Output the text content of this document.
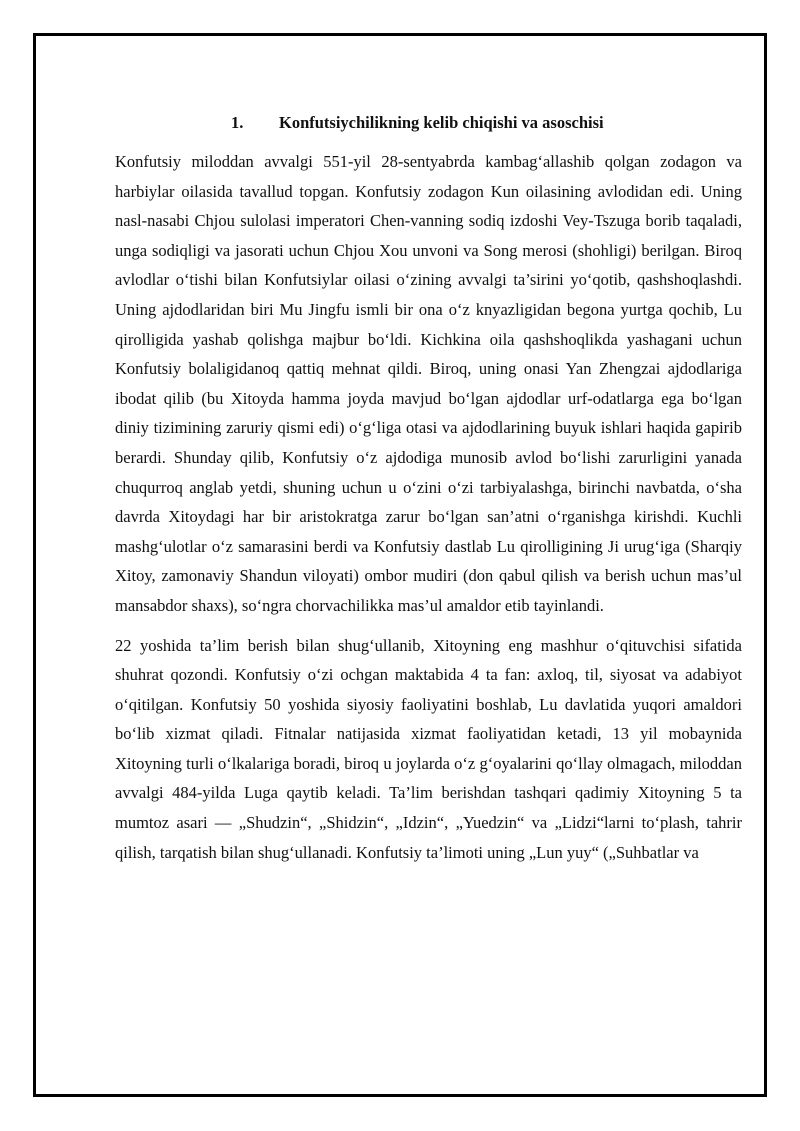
1.	Konfutsiychilikning kelib chiqishi va asoschisi

Konfutsiy miloddan avvalgi 551-yil 28-sentyabrda kambag‘allashib qolgan zodagon va harbiylar oilasida tavallud topgan. Konfutsiy zodagon Kun oilasining avlodidan edi. Uning nasl-nasabi Chjou sulolasi imperatori Chen-vanning sodiq izdoshi Vey-Tszuga borib taqaladi, unga sodiqligi va jasorati uchun Chjou Xou unvoni va Song merosi (shohligi) berilgan. Biroq avlodlar o‘tishi bilan Konfutsiylar oilasi o‘zining avvalgi ta’sirini yo‘qotib, qashshoqlashdi. Uning ajdodlaridan biri Mu Jingfu ismli bir ona o‘z knyazligidan begona yurtga qochib, Lu qirolligida yashab qolishga majbur bo‘ldi. Kichkina oila qashshoqlikda yashagani uchun Konfutsiy bolaligidanoq qattiq mehnat qildi. Biroq, uning onasi Yan Zhengzai ajdodlariga ibodat qilib (bu Xitoyda hamma joyda mavjud bo‘lgan ajdodlar urf-odatlarga ega bo‘lgan diniy tizimining zaruriy qismi edi) o‘g‘liga otasi va ajdodlarining buyuk ishlari haqida gapirib berardi. Shunday qilib, Konfutsiy o‘z ajdodiga munosib avlod bo‘lishi zarurligini yanada chuqurroq anglab yetdi, shuning uchun u o‘zini o‘zi tarbiyalashga, birinchi navbatda, o‘sha davrda Xitoydagi har bir aristokratga zarur bo‘lgan san’atni o‘rganishga kirishdi. Kuchli mashg‘ulotlar o‘z samarasini berdi va Konfutsiy dastlab Lu qirolligining Ji urug‘iga (Sharqiy Xitoy, zamonaviy Shandun viloyati) ombor mudiri (don qabul qilish va berish uchun mas’ul mansabdor shaxs), so‘ngra chorvachilikka mas’ul amaldor etib tayinlandi.

22 yoshida ta’lim berish bilan shug‘ullanib, Xitoyning eng mashhur o‘qituvchisi sifatida shuhrat qozondi. Konfutsiy o‘zi ochgan maktabida 4 ta fan: axloq, til, siyosat va adabiyot o‘qitilgan. Konfutsiy 50 yoshida siyosiy faoliyatini boshlab, Lu davlatida yuqori amaldori bo‘lib xizmat qiladi. Fitnalar natijasida xizmat faoliyatidan ketadi, 13 yil mobaynida Xitoyning turli o‘lkalariga boradi, biroq u joylarda o‘z g‘oyalarini qo‘llay olmagach, miloddan avvalgi 484-yilda Luga qaytib keladi. Ta’lim berishdan tashqari qadimiy Xitoyning 5 ta mumtoz asari — „Shudzin“, „Shidzin“, „Idzin“, „Yuedzin“ va „Lidzi“larni to‘plash, tahrir qilish, tarqatish bilan shug‘ullanadi. Konfutsiy ta’limoti uning „Lun yuy“ („Suhbatlar va
